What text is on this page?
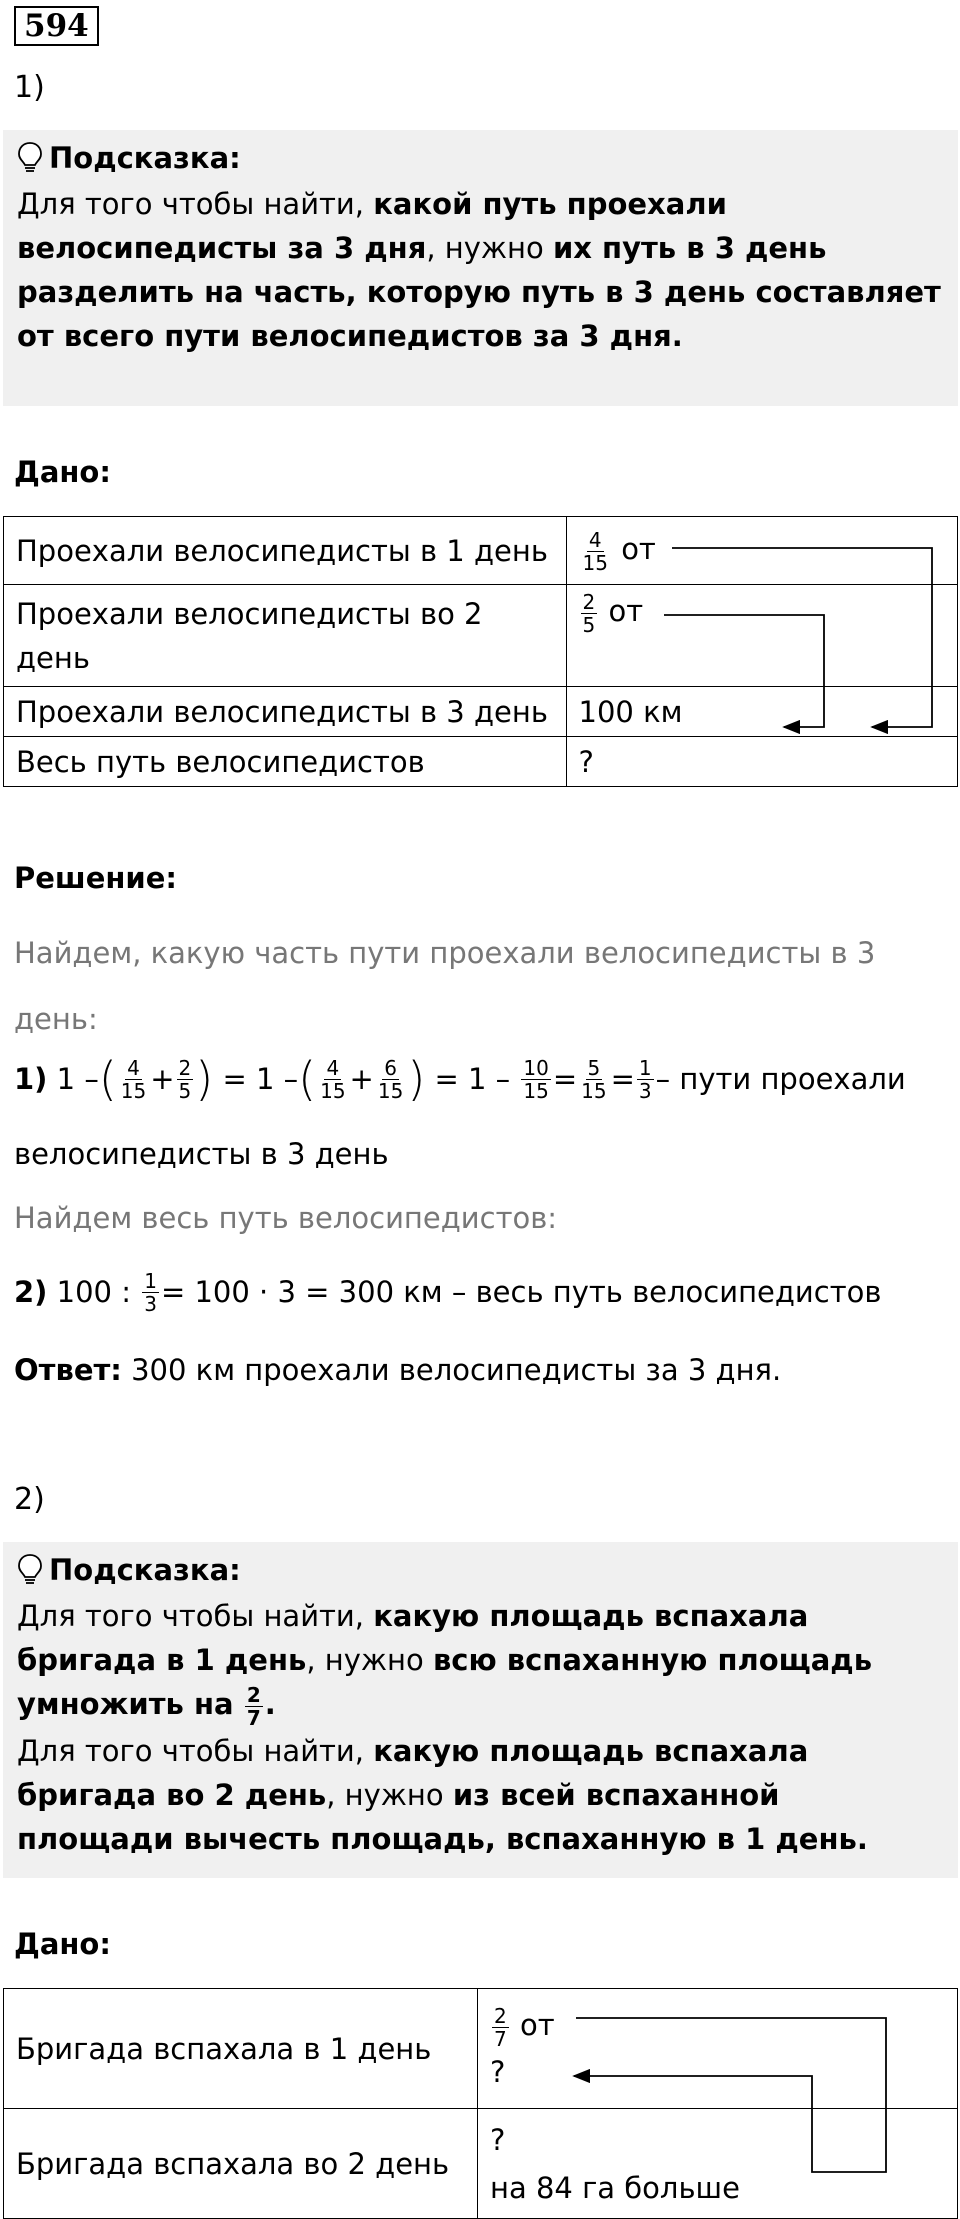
594
1)
Подсказка:
Для того чтобы найти, какой путь проехали велосипедисты за 3 дня, нужно их путь в 3 день разделить на часть, которую путь в 3 день составляет от всего пути велосипедистов за 3 дня.
Дано:
Проехали велосипедисты в 1 день	$\frac{4}{15}$ от
Проехали велосипедисты во 2 день	$\frac{2}{5}$ от
Проехали велосипедисты в 3 день	100 км
Весь путь велосипедистов	?
Решение:
Найдем, какую часть пути проехали велосипедисты в 3 день:
1)
1 – ( $\frac{4}{15} + \frac{2}{5}$ )
= 1 – ( $\frac{4}{15} + \frac{6}{15}$ )
= 1 –
$\frac{10}{15} = \frac{5}{15} = \frac{1}{3}$ – пути проехали
велосипедисты в 3 день
Найдем весь путь велосипедистов:
2)
100 :
$\frac{1}{3} = 100 \cdot 3 = 300$ км – весь путь велосипедистов
Ответ: 300 км проехали велосипедисты за 3 дня.
2)
Подсказка:
Для того чтобы найти, какую площадь вспахала бригада в 1 день, нужно всю вспаханную площадь умножить на $\frac{2}{7}$ .
Для того чтобы найти, какую площадь вспахала бригада во 2 день, нужно из всей вспаханной площади вычесть площадь, вспаханную в 1 день.
Дано:
Бригада вспахала в 1 день	$\frac{2}{7}$ от
?
Бригада вспахала во 2 день	?
на 84 га больше
